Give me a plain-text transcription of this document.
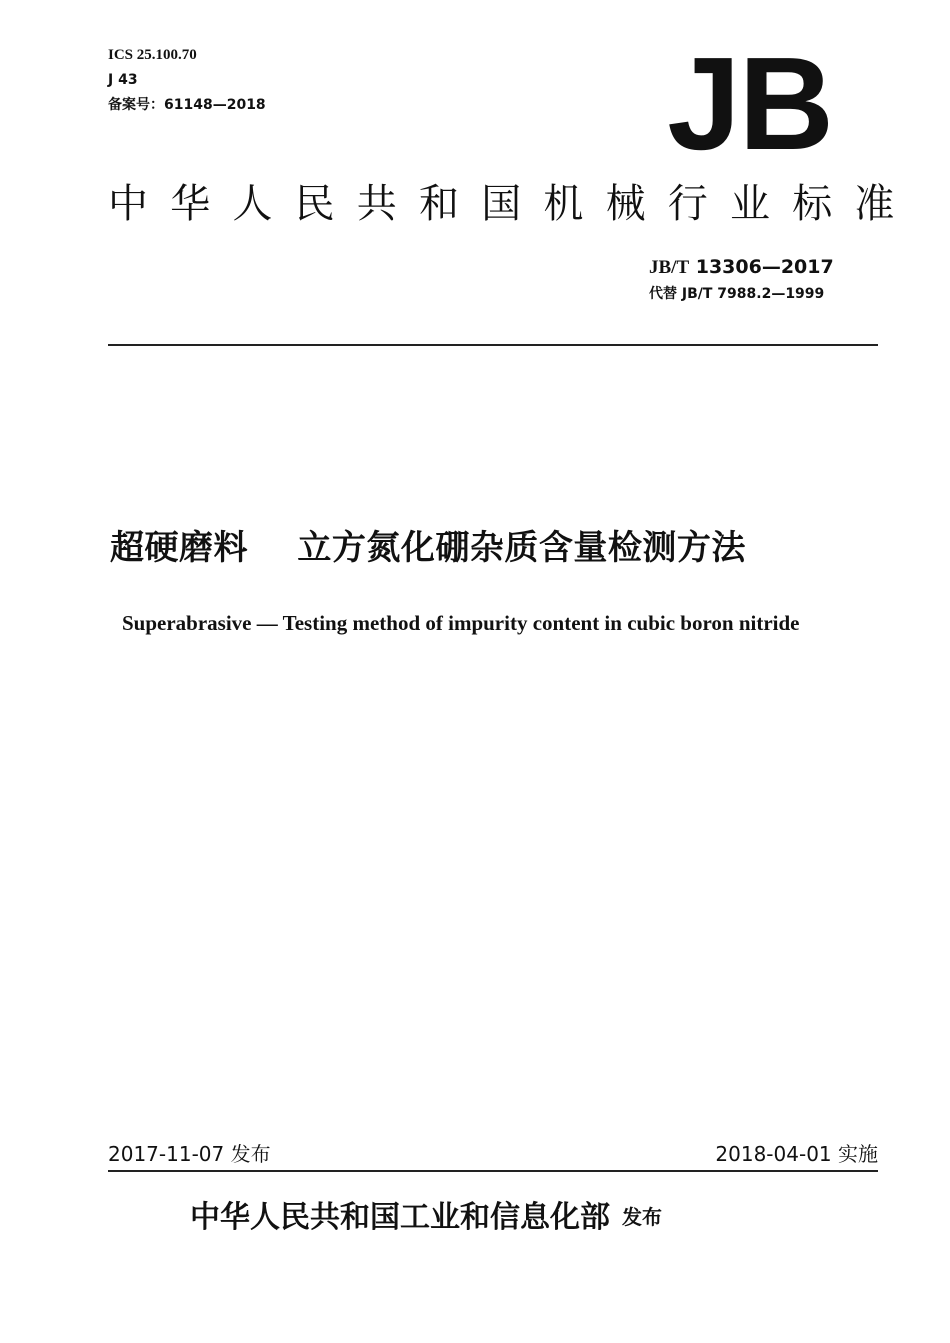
ICS 25.100.70
J 43
备案号：61148—2018	JB
中华人民共和国机械行业标准
JB/T 13306—2017
代替 JB/T 7988.2—1999
超硬磨料    立方氮化硼杂质含量检测方法
Superabrasive — Testing method of impurity content in cubic boron nitride
2017-11-07 发布	2018-04-01 实施
中华人民共和国工业和信息化部 发布
